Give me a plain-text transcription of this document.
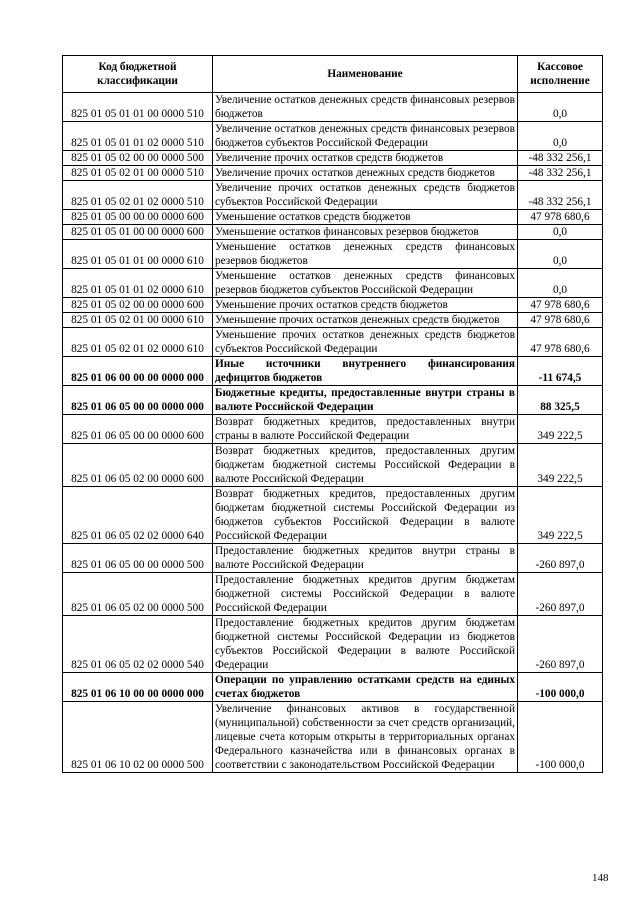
Код бюджетной классификации	Наименование	Кассовое исполнение
825 01 05 01 01 00 0000 510	Увеличение остатков денежных средств финансовых резервов бюджетов	0,0
825 01 05 01 01 02 0000 510	Увеличение остатков денежных средств финансовых резервов бюджетов субъектов Российской Федерации	0,0
825 01 05 02 00 00 0000 500	Увеличение прочих остатков средств бюджетов	-48 332 256,1
825 01 05 02 01 00 0000 510	Увеличение прочих остатков денежных средств бюджетов	-48 332 256,1
825 01 05 02 01 02 0000 510	Увеличение прочих остатков денежных средств бюджетов субъектов Российской Федерации	-48 332 256,1
825 01 05 00 00 00 0000 600	Уменьшение остатков средств бюджетов	47 978 680,6
825 01 05 01 00 00 0000 600	Уменьшение остатков финансовых резервов бюджетов	0,0
825 01 05 01 01 00 0000 610	Уменьшение остатков денежных средств финансовых резервов бюджетов	0,0
825 01 05 01 01 02 0000 610	Уменьшение остатков денежных средств финансовых резервов бюджетов субъектов Российской Федерации	0,0
825 01 05 02 00 00 0000 600	Уменьшение прочих остатков средств бюджетов	47 978 680,6
825 01 05 02 01 00 0000 610	Уменьшение прочих остатков денежных средств бюджетов	47 978 680,6
825 01 05 02 01 02 0000 610	Уменьшение прочих остатков денежных средств бюджетов субъектов Российской Федерации	47 978 680,6
825 01 06 00 00 00 0000 000	Иные источники внутреннего финансирования дефицитов бюджетов	-11 674,5
825 01 06 05 00 00 0000 000	Бюджетные кредиты, предоставленные внутри страны в валюте Российской Федерации	88 325,5
825 01 06 05 00 00 0000 600	Возврат бюджетных кредитов, предоставленных внутри страны в валюте Российской Федерации	349 222,5
825 01 06 05 02 00 0000 600	Возврат бюджетных кредитов, предоставленных другим бюджетам бюджетной системы Российской Федерации в валюте Российской Федерации	349 222,5
825 01 06 05 02 02 0000 640	Возврат бюджетных кредитов, предоставленных другим бюджетам бюджетной системы Российской Федерации из бюджетов субъектов Российской Федерации в валюте Российской Федерации	349 222,5
825 01 06 05 00 00 0000 500	Предоставление бюджетных кредитов внутри страны в валюте Российской Федерации	-260 897,0
825 01 06 05 02 00 0000 500	Предоставление бюджетных кредитов другим бюджетам бюджетной системы Российской Федерации в валюте Российской Федерации	-260 897,0
825 01 06 05 02 02 0000 540	Предоставление бюджетных кредитов другим бюджетам бюджетной системы Российской Федерации из бюджетов субъектов Российской Федерации в валюте Российской Федерации	-260 897,0
825 01 06 10 00 00 0000 000	Операции по управлению остатками средств на единых счетах бюджетов	-100 000,0
825 01 06 10 02 00 0000 500	Увеличение финансовых активов в государственной (муниципальной) собственности за счет средств организаций, лицевые счета которым открыты в территориальных органах Федерального казначейства или в финансовых органах в соответствии с законодательством Российской Федерации	-100 000,0
148
